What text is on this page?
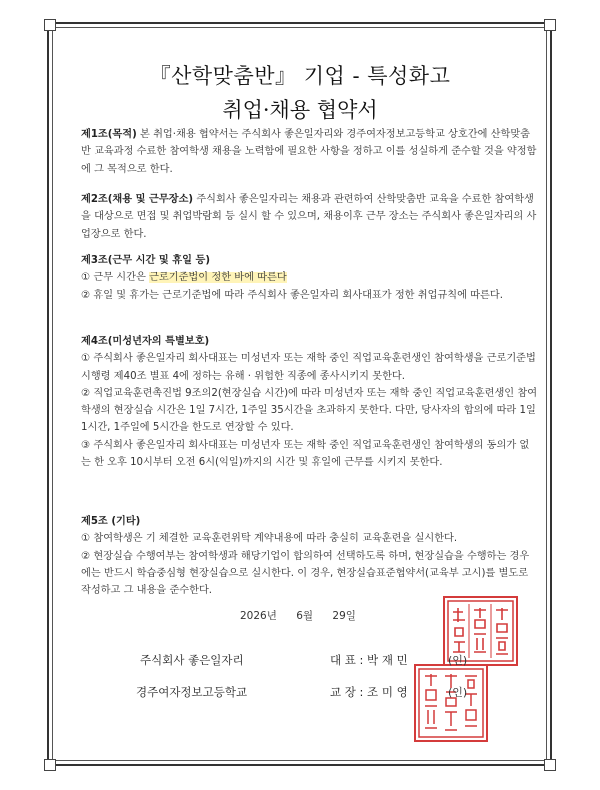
『산학맞춤반』 기업 - 특성화고
취업·채용 협약서

제1조(목적) 본 취업·채용 협약서는 주식회사 좋은일자리와 경주여자정보고등학교 상호간에 산학맞춤반 교육과정 수료한 참여학생 채용을 노력함에 필요한 사항을 정하고 이를 성실하게 준수할 것을 약정함에 그 목적으로 한다.

제2조(채용 및 근무장소) 주식회사 좋은일자리는 채용과 관련하여 산학맞춤반 교육을 수료한 참여학생을 대상으로 면접 및 취업박람회 등 실시 할 수 있으며, 채용이후 근무 장소는 주식회사 좋은일자리의 사업장으로 한다.

제3조(근무 시간 및 휴일 등)

① 근무 시간은 근로기준법이 정한 바에 따른다

② 휴일 및 휴가는 근로기준법에 따라 주식회사 좋은일자리 회사대표가 정한 취업규칙에 따른다.

제4조(미성년자의 특별보호)

① 주식회사 좋은일자리 회사대표는 미성년자 또는 재학 중인 직업교육훈련생인 참여학생을 근로기준법시행령 제40조 별표 4에 정하는 유해 · 위험한 직종에 종사시키지 못한다.

② 직업교육훈련촉진법 9조의2(현장실습 시간)에 따라 미성년자 또는 재학 중인 직업교육훈련생인 참여학생의 현장실습 시간은 1일 7시간, 1주일 35시간을 초과하지 못한다. 다만, 당사자의 합의에 따라 1일 1시간, 1주일에 5시간을 한도로 연장할 수 있다.

③ 주식회사 좋은일자리 회사대표는 미성년자 또는 재학 중인 직업교육훈련생인 참여학생의 동의가 없는 한 오후 10시부터 오전 6시(익일)까지의 시간 및 휴일에 근무를 시키지 못한다.

제5조 (기타)

① 참여학생은 기 체결한 교육훈련위탁 계약내용에 따라 충실히 교육훈련을 실시한다.

② 현장실습 수행여부는 참여학생과 해당기업이 합의하여 선택하도록 하며, 현장실습을 수행하는 경우에는 반드시 학습중심형 현장실습으로 실시한다. 이 경우, 현장실습표준협약서(교육부 고시)를 별도로 작성하고 그 내용을 준수한다.

2026년 6월 29일
주식회사 좋은일자리	대 표 : 박 재 민	(인)
경주여자정보고등학교	교 장 : 조 미 영	(인)
